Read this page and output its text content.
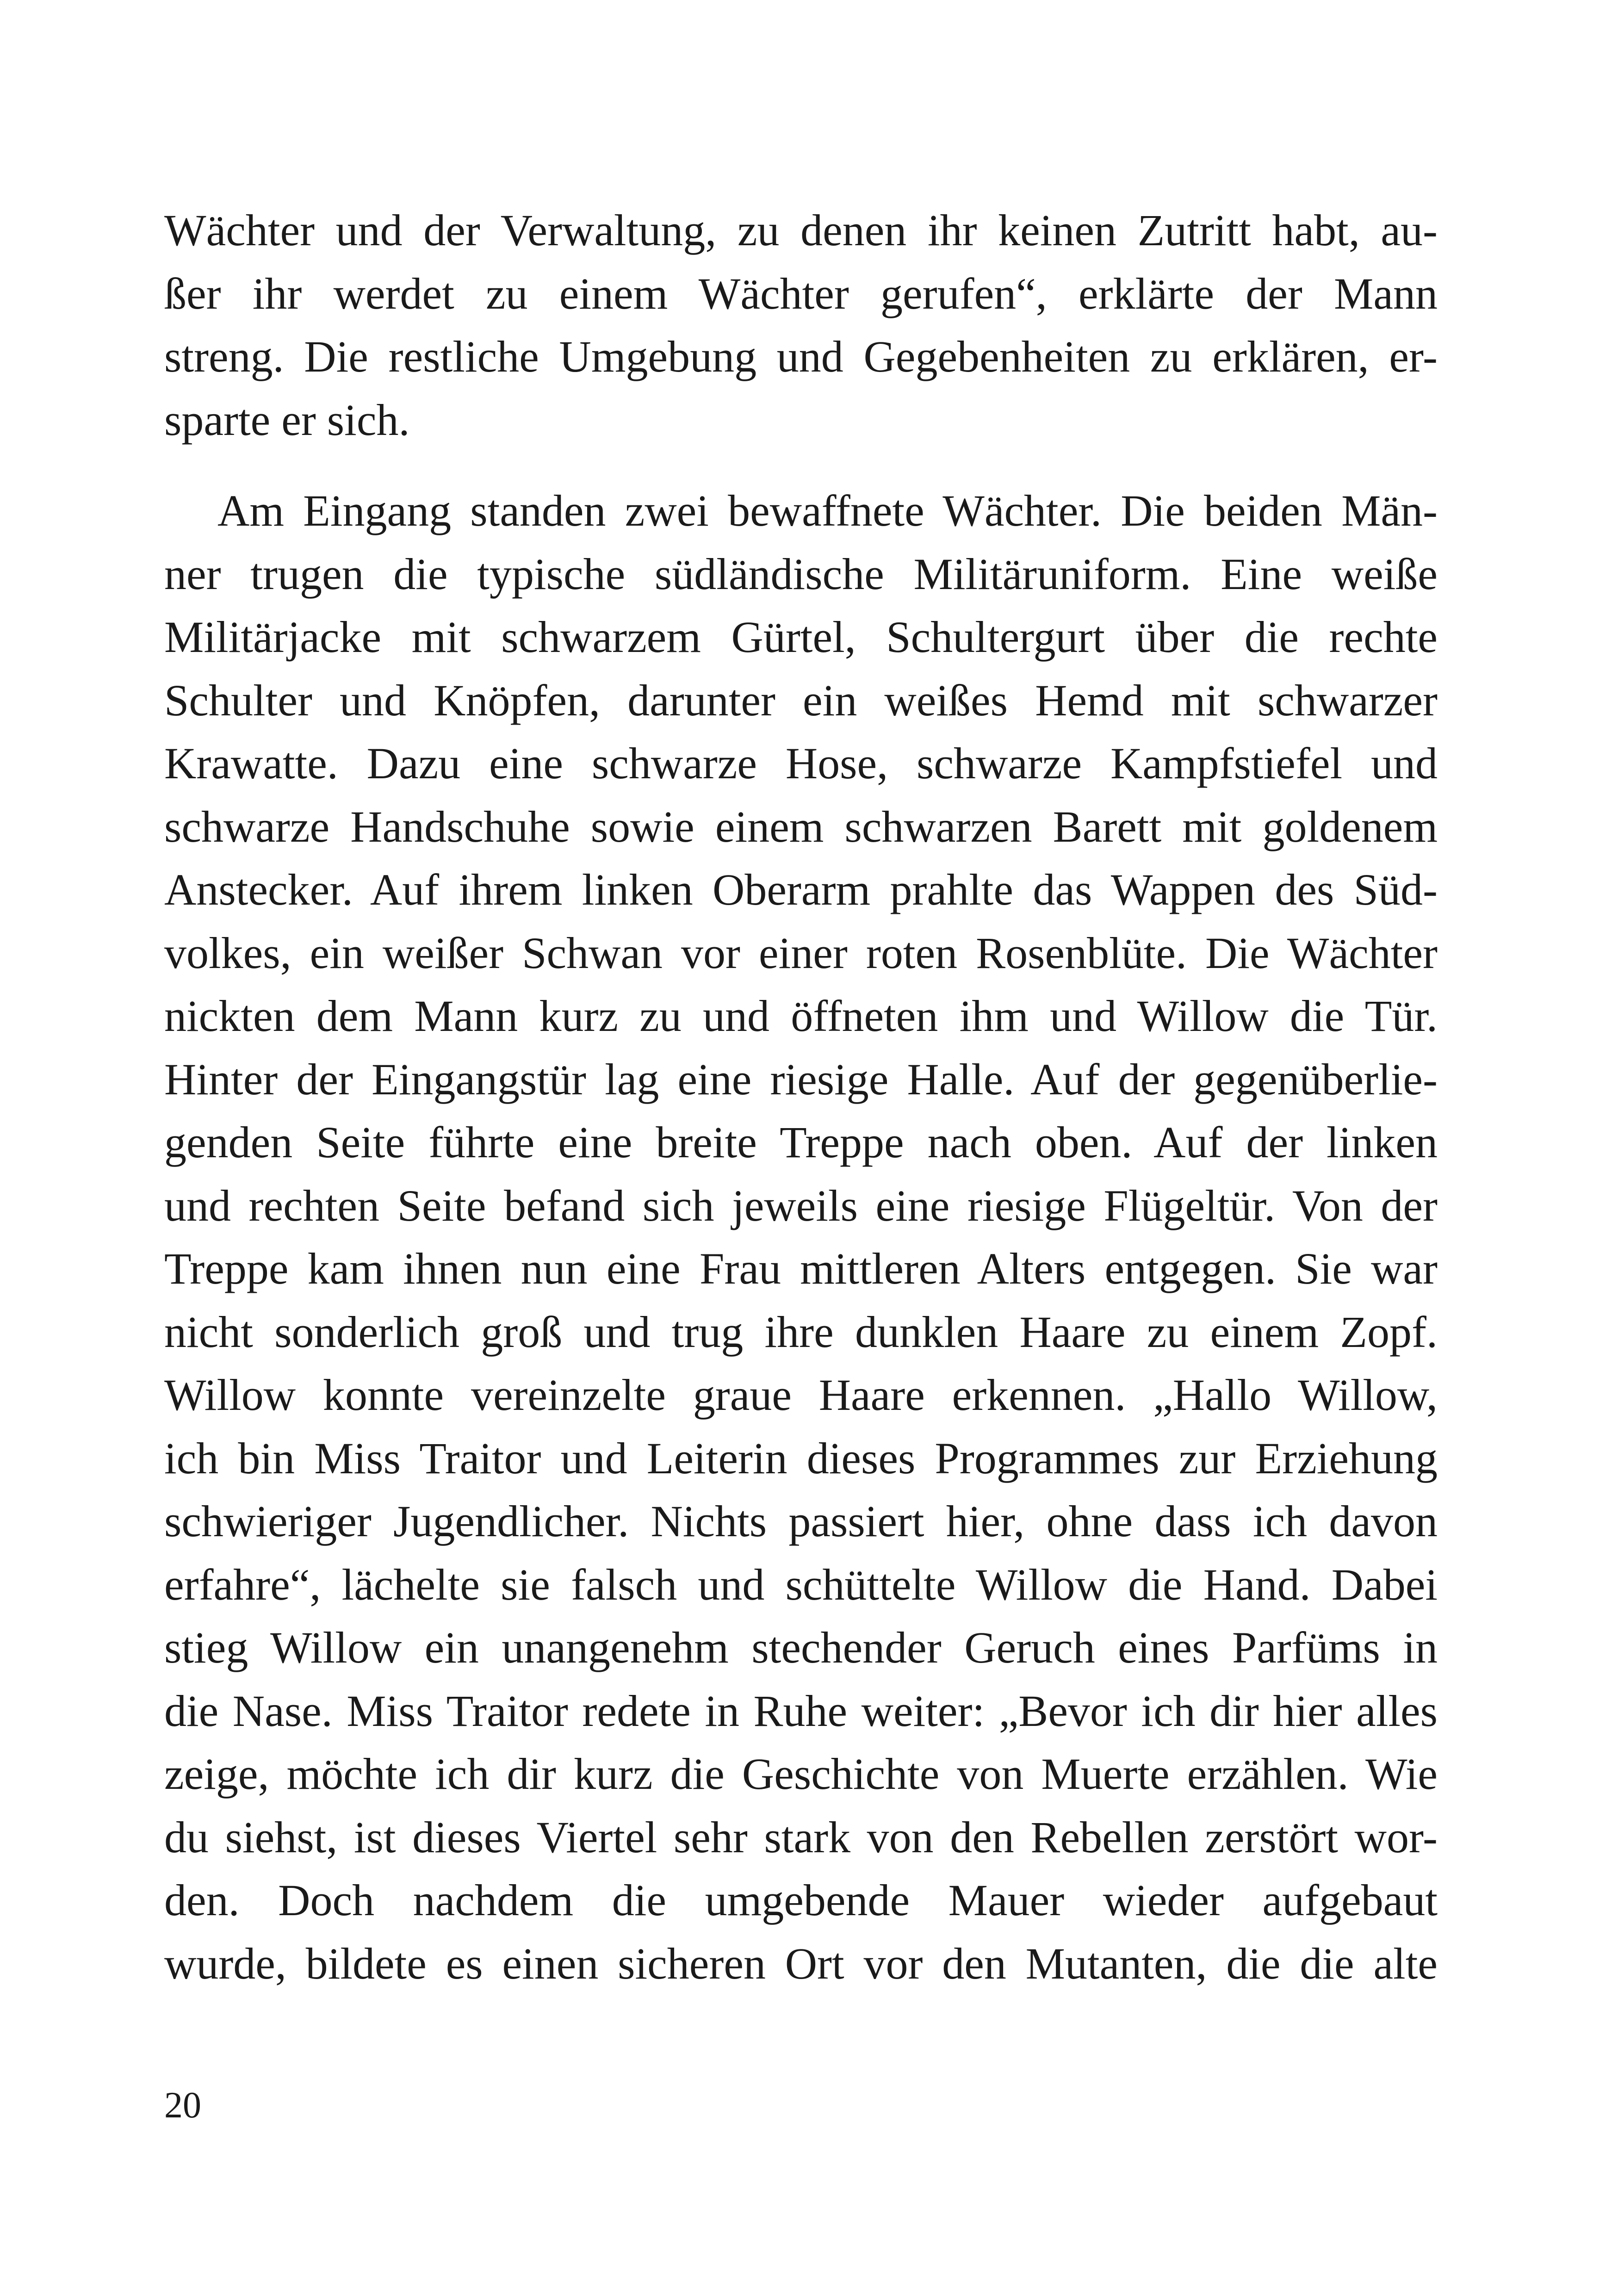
Wächter und der Verwaltung, zu denen ihr keinen Zutritt habt, au-
ßer ihr werdet zu einem Wächter gerufen“, erklärte der Mann
streng. Die restliche Umgebung und Gegebenheiten zu erklären, er-
sparte er sich.
Am Eingang standen zwei bewaffnete Wächter. Die beiden Män-
ner trugen die typische südländische Militäruniform. Eine weiße
Militärjacke mit schwarzem Gürtel, Schultergurt über die rechte
Schulter und Knöpfen, darunter ein weißes Hemd mit schwarzer
Krawatte. Dazu eine schwarze Hose, schwarze Kampfstiefel und
schwarze Handschuhe sowie einem schwarzen Barett mit goldenem
Anstecker. Auf ihrem linken Oberarm prahlte das Wappen des Süd-
volkes, ein weißer Schwan vor einer roten Rosenblüte. Die Wächter
nickten dem Mann kurz zu und öffneten ihm und Willow die Tür.
Hinter der Eingangstür lag eine riesige Halle. Auf der gegenüberlie-
genden Seite führte eine breite Treppe nach oben. Auf der linken
und rechten Seite befand sich jeweils eine riesige Flügeltür. Von der
Treppe kam ihnen nun eine Frau mittleren Alters entgegen. Sie war
nicht sonderlich groß und trug ihre dunklen Haare zu einem Zopf.
Willow konnte vereinzelte graue Haare erkennen. „Hallo Willow,
ich bin Miss Traitor und Leiterin dieses Programmes zur Erziehung
schwieriger Jugendlicher. Nichts passiert hier, ohne dass ich davon
erfahre“, lächelte sie falsch und schüttelte Willow die Hand. Dabei
stieg Willow ein unangenehm stechender Geruch eines Parfüms in
die Nase. Miss Traitor redete in Ruhe weiter: „Bevor ich dir hier alles
zeige, möchte ich dir kurz die Geschichte von Muerte erzählen. Wie
du siehst, ist dieses Viertel sehr stark von den Rebellen zerstört wor-
den. Doch nachdem die umgebende Mauer wieder aufgebaut
wurde, bildete es einen sicheren Ort vor den Mutanten, die die alte
20
